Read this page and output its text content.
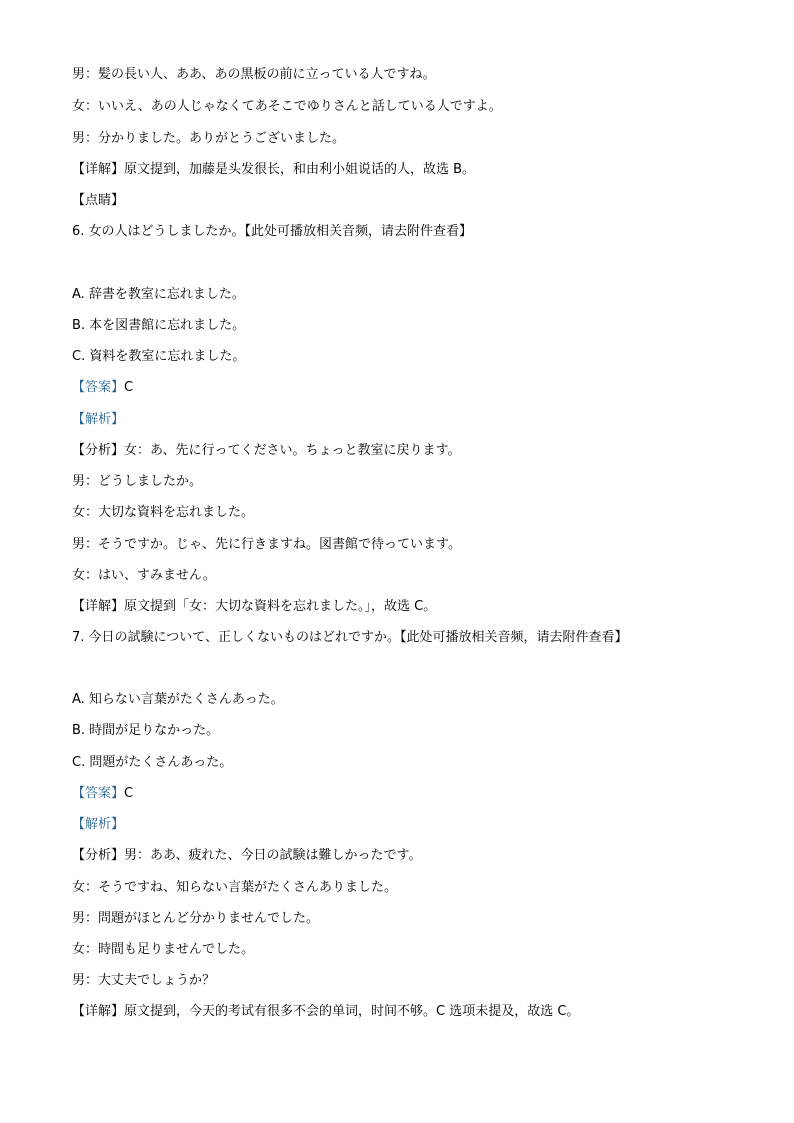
男：髪の長い人、ああ、あの黒板の前に立っている人ですね。
女：いいえ、あの人じゃなくてあそこでゆりさんと話している人ですよ。
男：分かりました。ありがとうございました。
【详解】原文提到，加藤是头发很长，和由利小姐说话的人，故选 B。
【点睛】
6. 女の人はどうしましたか。【此处可播放相关音频，请去附件查看】
A. 辞書を教室に忘れました。
B. 本を図書館に忘れました。
C. 資料を教室に忘れました。
【答案】C
【解析】
【分析】女：あ、先に行ってください。ちょっと教室に戻ります。
男：どうしましたか。
女：大切な資料を忘れました。
男：そうですか。じゃ、先に行きますね。図書館で待っています。
女：はい、すみません。
【详解】原文提到「女：大切な資料を忘れました。」，故选 C。
7. 今日の試験について、正しくないものはどれですか。【此处可播放相关音频，请去附件查看】
A. 知らない言葉がたくさんあった。
B. 時間が足りなかった。
C. 問題がたくさんあった。
【答案】C
【解析】
【分析】男：ああ、疲れた、今日の試験は難しかったです。
女：そうですね、知らない言葉がたくさんありました。
男：問題がほとんど分かりませんでした。
女：時間も足りませんでした。
男：大丈夫でしょうか？
【详解】原文提到，今天的考试有很多不会的单词，时间不够。C 选项未提及，故选 C。
